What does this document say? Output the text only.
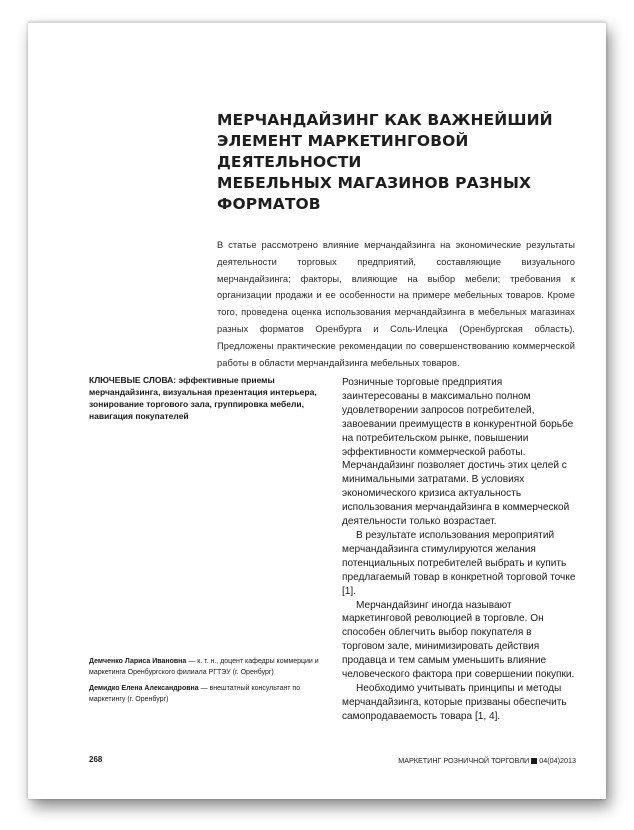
МЕРЧАНДАЙЗИНГ КАК ВАЖНЕЙШИЙ
ЭЛЕМЕНТ МАРКЕТИНГОВОЙ ДЕЯТЕЛЬНОСТИ
МЕБЕЛЬНЫХ МАГАЗИНОВ РАЗНЫХ
ФОРМАТОВ
В статье рассмотрено влияние мерчандайзинга на экономические результаты деятельности торговых предприятий, составляющие визуального мерчандайзинга; факторы, влияющие на выбор мебели; требования к организации продажи и ее особенности на примере мебельных товаров. Кроме того, проведена оценка использования мерчандайзинга в мебельных магазинах разных форматов Оренбурга и Соль-Илецка (Оренбургская область). Предложены практические рекомендации по совершенствованию коммерческой работы в области мерчандайзинга мебельных товаров.
КЛЮЧЕВЫЕ СЛОВА: эффективные приемы мерчандайзинга, визуальная презентация интерьера, зонирование торгового зала, группировка мебели, навигация покупателей

Розничные торговые предприятия заинтересованы в максимально полном удовлетворении запросов потребителей, завоевании преимуществ в конкурентной борьбе на потребительском рынке, повышении эффективности коммерческой работы. Мерчандайзинг позволяет достичь этих целей с минимальными затратами. В условиях экономического кризиса актуальность использования мерчандайзинга в коммерческой деятельности только возрастает.

В результате использования мероприятий мерчандайзинга стимулируются желания потенциальных потребителей выбрать и купить предлагаемый товар в конкретной торговой точке [1].

Мерчандайзинг иногда называют маркетинговой революцией в торговле. Он способен облегчить выбор покупателя в торговом зале, минимизировать действия продавца и тем самым уменьшить влияние человеческого фактора при совершении покупки.

Необходимо учитывать принципы и методы мерчандайзинга, которые призваны обеспечить самопродаваемость товара [1, 4].

Демченко Лариса Ивановна — к. т. н., доцент кафедры коммерции и маркетинга Оренбургского филиала РГТЭУ (г. Оренбург)

Демидко Елена Александровна — внештатный консультант по маркетингу (г. Оренбург)

268	МАРКЕТИНГ РОЗНИЧНОЙ ТОРГОВЛИ 04(04)2013
